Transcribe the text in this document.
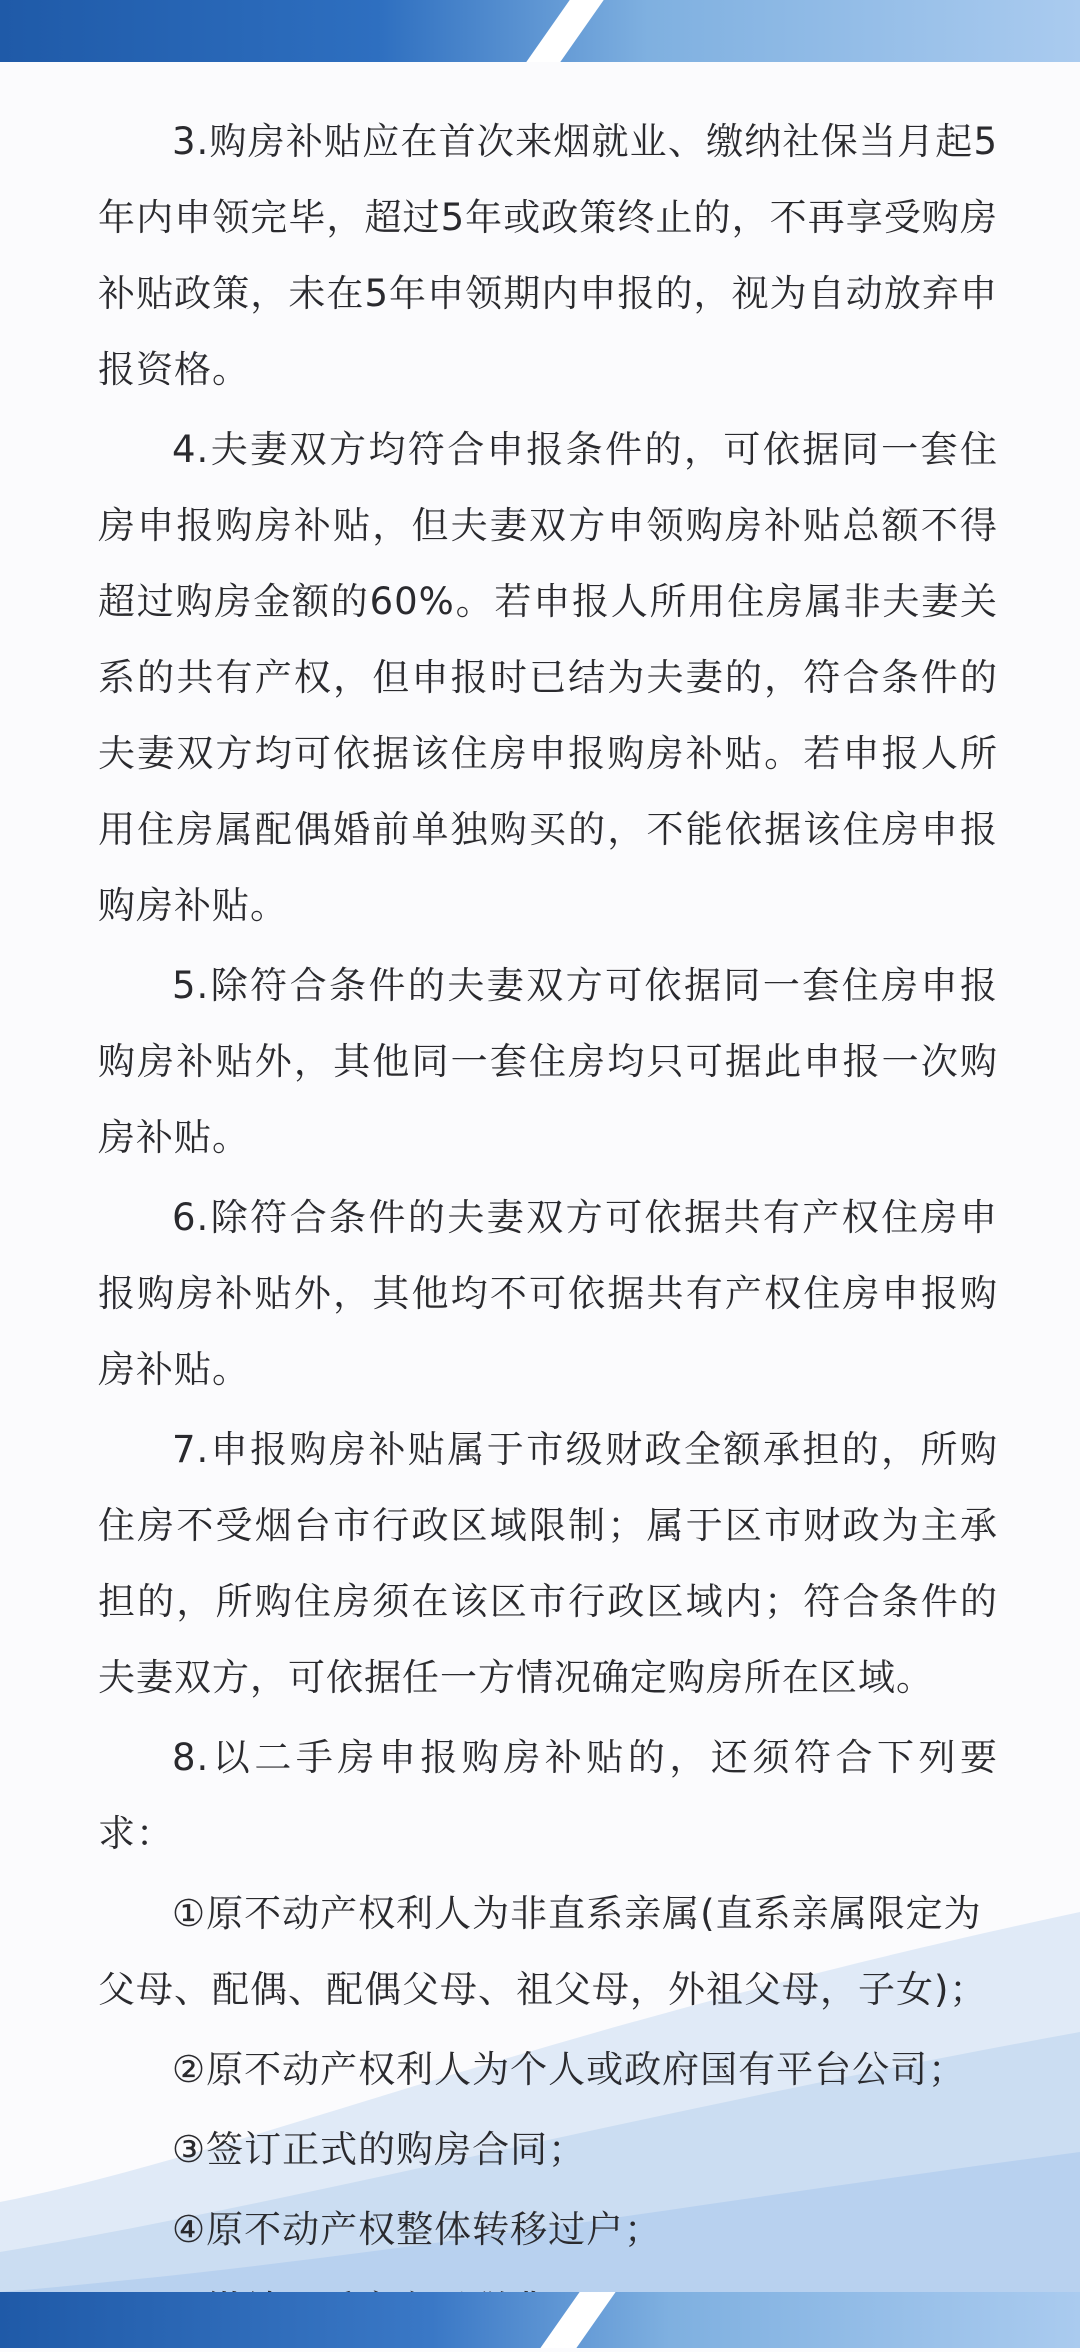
3.购房补贴应在首次来烟就业、缴纳社保当月起5年内申领完毕，超过5年或政策终止的，不再享受购房补贴政策，未在5年申领期内申报的，视为自动放弃申报资格。

4.夫妻双方均符合申报条件的，可依据同一套住房申报购房补贴，但夫妻双方申领购房补贴总额不得超过购房金额的60%。若申报人所用住房属非夫妻关系的共有产权，但申报时已结为夫妻的，符合条件的夫妻双方均可依据该住房申报购房补贴。若申报人所用住房属配偶婚前单独购买的，不能依据该住房申报购房补贴。

5.除符合条件的夫妻双方可依据同一套住房申报购房补贴外，其他同一套住房均只可据此申报一次购房补贴。

6.除符合条件的夫妻双方可依据共有产权住房申报购房补贴外，其他均不可依据共有产权住房申报购房补贴。

7.申报购房补贴属于市级财政全额承担的，所购住房不受烟台市行政区域限制；属于区市财政为主承担的，所购住房须在该区市行政区域内；符合条件的夫妻双方，可依据任一方情况确定购房所在区域。

8.以二手房申报购房补贴的，还须符合下列要求：

①原不动产权利人为非直系亲属(直系亲属限定为父母、配偶、配偶父母、祖父母，外祖父母，子女)；

②原不动产权利人为个人或政府国有平台公司；

③签订正式的购房合同；

④原不动产权整体转移过户；
